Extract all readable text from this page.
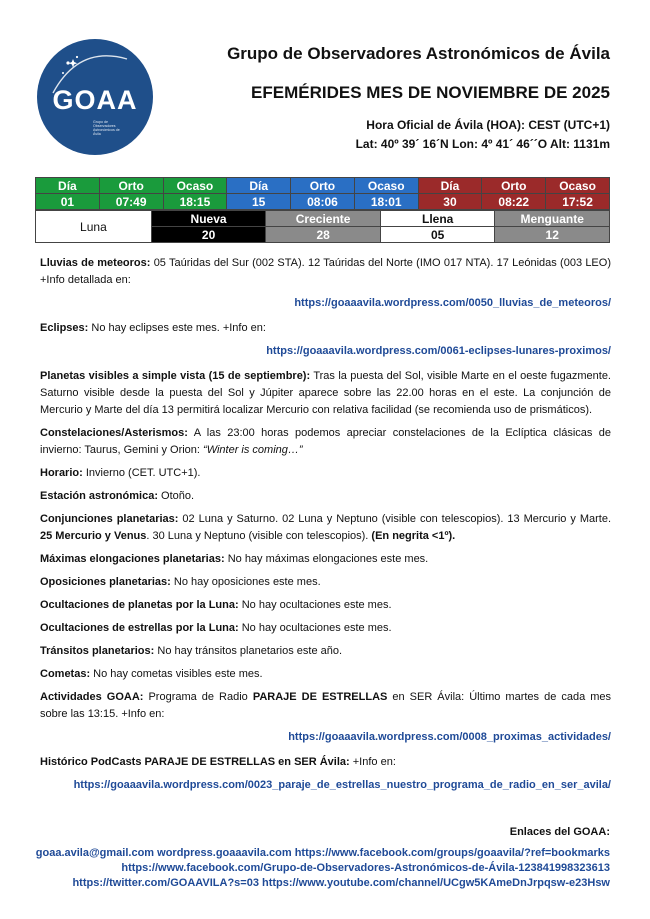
GOAA
Grupo de Observadores Astronómicos de Ávila
Grupo de Observadores Astronómicos de Ávila
EFEMÉRIDES MES DE NOVIEMBRE DE 2025
Hora Oficial de Ávila (HOA): CEST (UTC+1)
Lat: 40º 39´ 16´N Lon: 4º 41´ 46´´O Alt: 1131m
Día	Orto	Ocaso	Día	Orto	Ocaso	Día	Orto	Ocaso
01	07:49	18:15	15	08:06	18:01	30	08:22	17:52
Luna	Nueva	Creciente	Llena	Menguante
	20	28	05	12

Lluvias de meteoros: 05 Taúridas del Sur (002 STA). 12 Taúridas del Norte (IMO 017 NTA). 17 Leónidas (003 LEO) +Info detallada en:

https://goaaavila.wordpress.com/0050_lluvias_de_meteoros/

Eclipses: No hay eclipses este mes. +Info en:

https://goaaavila.wordpress.com/0061-eclipses-lunares-proximos/

Planetas visibles a simple vista (15 de septiembre): Tras la puesta del Sol, visible Marte en el oeste fugazmente. Saturno visible desde la puesta del Sol y Júpiter aparece sobre las 22.00 horas en el este. La conjunción de Mercurio y Marte del día 13 permitirá localizar Mercurio con relativa facilidad (se recomienda uso de prismáticos).

Constelaciones/Asterismos: A las 23:00 horas podemos apreciar constelaciones de la Eclíptica clásicas de invierno: Taurus, Gemini y Orion: “Winter is coming…”

Horario: Invierno (CET. UTC+1).

Estación astronómica: Otoño.

Conjunciones planetarias: 02 Luna y Saturno. 02 Luna y Neptuno (visible con telescopios). 13 Mercurio y Marte. 25 Mercurio y Venus. 30 Luna y Neptuno (visible con telescopios). (En negrita <1º).

Máximas elongaciones planetarias: No hay máximas elongaciones este mes.

Oposiciones planetarias: No hay oposiciones este mes.

Ocultaciones de planetas por la Luna: No hay ocultaciones este mes.

Ocultaciones de estrellas por la Luna: No hay ocultaciones este mes.

Tránsitos planetarios: No hay tránsitos planetarios este año.

Cometas: No hay cometas visibles este mes.

Actividades GOAA: Programa de Radio PARAJE DE ESTRELLAS en SER Ávila: Último martes de cada mes sobre las 13:15. +Info en:

https://goaaavila.wordpress.com/0008_proximas_actividades/

Histórico PodCasts PARAJE DE ESTRELLAS en SER Ávila: +Info en:

https://goaaavila.wordpress.com/0023_paraje_de_estrellas_nuestro_programa_de_radio_en_ser_avila/

Enlaces del GOAA:
goaa.avila@gmail.com wordpress.goaaavila.com https://www.facebook.com/groups/goaavila/?ref=bookmarks
https://www.facebook.com/Grupo-de-Observadores-Astronómicos-de-Ávila-123841998323613
https://twitter.com/GOAAVILA?s=03 https://www.youtube.com/channel/UCgw5KAmeDnJrpqsw-e23Hsw
